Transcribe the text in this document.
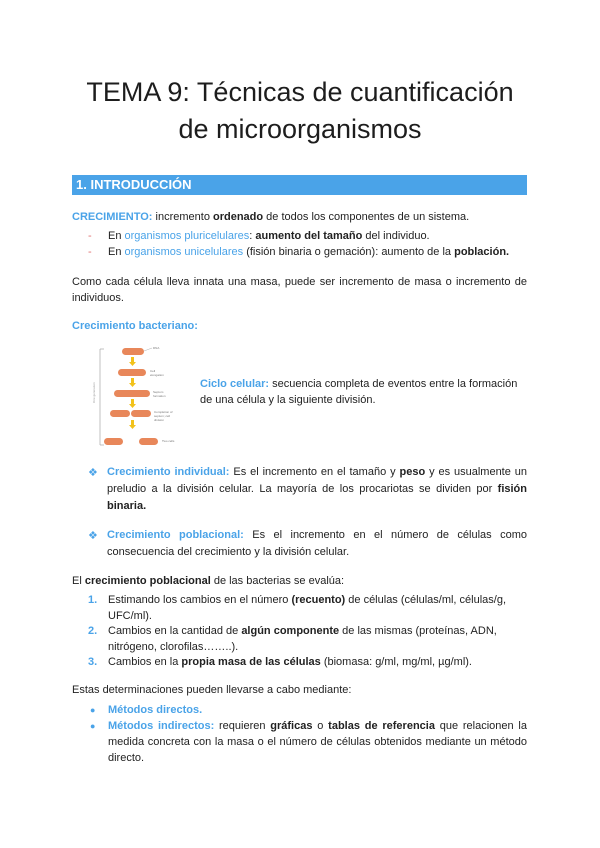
TEMA 9: Técnicas de cuantificación
de microorganismos
1. INTRODUCCIÓN
CRECIMIENTO: incremento ordenado de todos los componentes de un sistema.
- En organismos pluricelulares: aumento del tamaño del individuo.
- En organismos unicelulares (fisión binaria o gemación): aumento de la población.
Como cada célula lleva innata una masa, puede ser incremento de masa o incremento de individuos.
Crecimiento bacteriano:
One generation
DNA
Cell
elongation
Septum
formation
Completion of
septum; cell
division
Two cells
Ciclo celular: secuencia completa de eventos entre la formación de una célula y la siguiente división.
❖ Crecimiento individual: Es el incremento en el tamaño y peso y es usualmente un preludio a la división celular. La mayoría de los procariotas se dividen por fisión binaria.
❖ Crecimiento poblacional: Es el incremento en el número de células como consecuencia del crecimiento y la división celular.
El crecimiento poblacional de las bacterias se evalúa:
1. Estimando los cambios en el número (recuento) de células (células/ml, células/g, UFC/ml).
2. Cambios en la cantidad de algún componente de las mismas (proteínas, ADN, nitrógeno, clorofilas……..).
3. Cambios en la propia masa de las células (biomasa: g/ml, mg/ml, µg/ml).
Estas determinaciones pueden llevarse a cabo mediante:
● Métodos directos.
● Métodos indirectos: requieren gráficas o tablas de referencia que relacionen la medida concreta con la masa o el número de células obtenidos mediante un método directo.
